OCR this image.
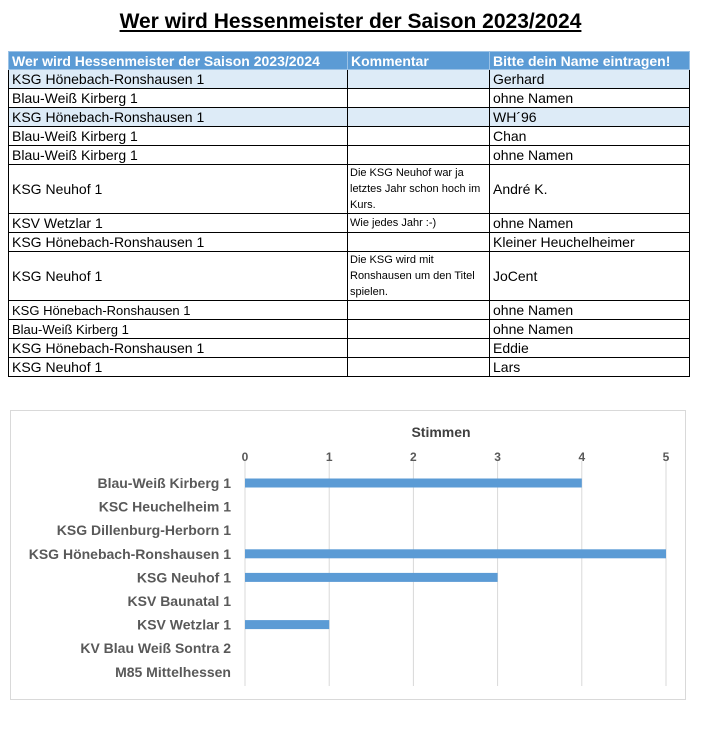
Wer wird Hessenmeister der Saison 2023/2024
Wer wird Hessenmeister der Saison 2023/2024	Kommentar	Bitte dein Name eintragen!
KSG Hönebach-Ronshausen 1		Gerhard
Blau-Weiß Kirberg 1		ohne Namen
KSG Hönebach-Ronshausen 1		WH´96
Blau-Weiß Kirberg 1		Chan
Blau-Weiß Kirberg 1		ohne Namen
KSG Neuhof 1	Die KSG Neuhof war ja letztes Jahr schon hoch im Kurs.	André K.
KSV Wetzlar 1	Wie jedes Jahr :-)	ohne Namen
KSG Hönebach-Ronshausen 1		Kleiner Heuchelheimer
KSG Neuhof 1	Die KSG wird mit Ronshausen um den Titel spielen.	JoCent
KSG Hönebach-Ronshausen 1		ohne Namen
Blau-Weiß Kirberg 1		ohne Namen
KSG Hönebach-Ronshausen 1		Eddie
KSG Neuhof 1		Lars
Stimmen
0	1	2	3	4	5
Blau-Weiß Kirberg 1
KSC Heuchelheim 1
KSG Dillenburg-Herborn 1
KSG Hönebach-Ronshausen 1
KSG Neuhof 1
KSV Baunatal 1
KSV Wetzlar 1
KV Blau Weiß Sontra 2
M85 Mittelhessen
